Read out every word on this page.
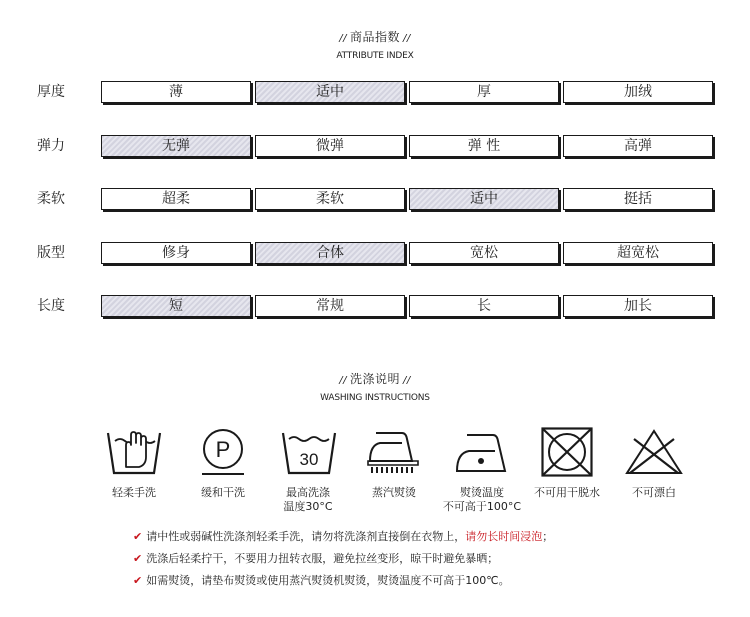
// 商品指数 //
ATTRIBUTE INDEX
厚度	薄	适中	厚	加绒
弹力	无弹	微弹	弹 性	高弹
柔软	超柔	柔软	适中	挺括
版型	修身	合体	宽松	超宽松
长度	短	常规	长	加长
// 洗涤说明 //
WASHING INSTRUCTIONS
轻柔手洗
P
缓和干洗
30
最高洗涤
温度30°C
蒸汽熨烫	熨烫温度
不可高于100°C
不可用干脱水	不可漂白
✔ 请中性或弱碱性洗涤剂轻柔手洗，请勿将洗涤剂直接倒在衣物上，请勿长时间浸泡；
✔ 洗涤后轻柔拧干，不要用力扭转衣服，避免拉丝变形，晾干时避免暴晒；
✔ 如需熨烫，请垫布熨烫或使用蒸汽熨烫机熨烫，熨烫温度不可高于100℃。
